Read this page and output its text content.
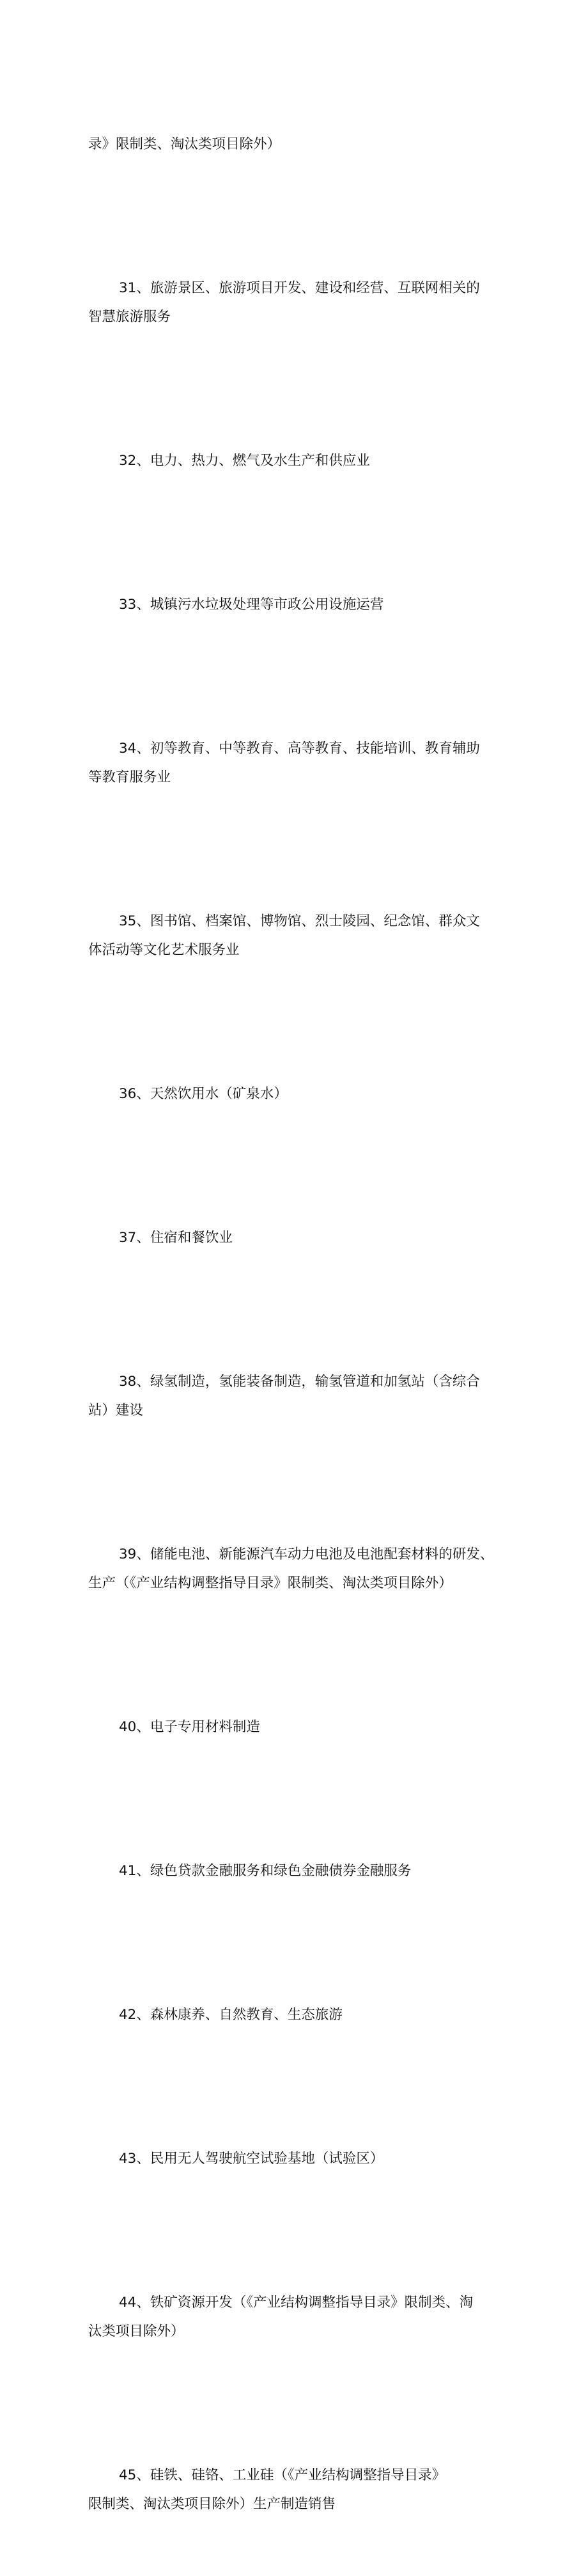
录》限制类、淘汰类项目除外）

31、旅游景区、旅游项目开发、建设和经营、互联网相关的
智慧旅游服务

32、电力、热力、燃气及水生产和供应业

33、城镇污水垃圾处理等市政公用设施运营

34、初等教育、中等教育、高等教育、技能培训、教育辅助
等教育服务业

35、图书馆、档案馆、博物馆、烈士陵园、纪念馆、群众文
体活动等文化艺术服务业

36、天然饮用水（矿泉水）

37、住宿和餐饮业

38、绿氢制造，氢能装备制造，输氢管道和加氢站（含综合
站）建设

39、储能电池、新能源汽车动力电池及电池配套材料的研发、
生产（《产业结构调整指导目录》限制类、淘汰类项目除外）

40、电子专用材料制造

41、绿色贷款金融服务和绿色金融债券金融服务

42、森林康养、自然教育、生态旅游

43、民用无人驾驶航空试验基地（试验区）

44、铁矿资源开发（《产业结构调整指导目录》限制类、淘
汰类项目除外）

45、硅铁、硅铬、工业硅（《产业结构调整指导目录》
限制类、淘汰类项目除外）生产制造销售
